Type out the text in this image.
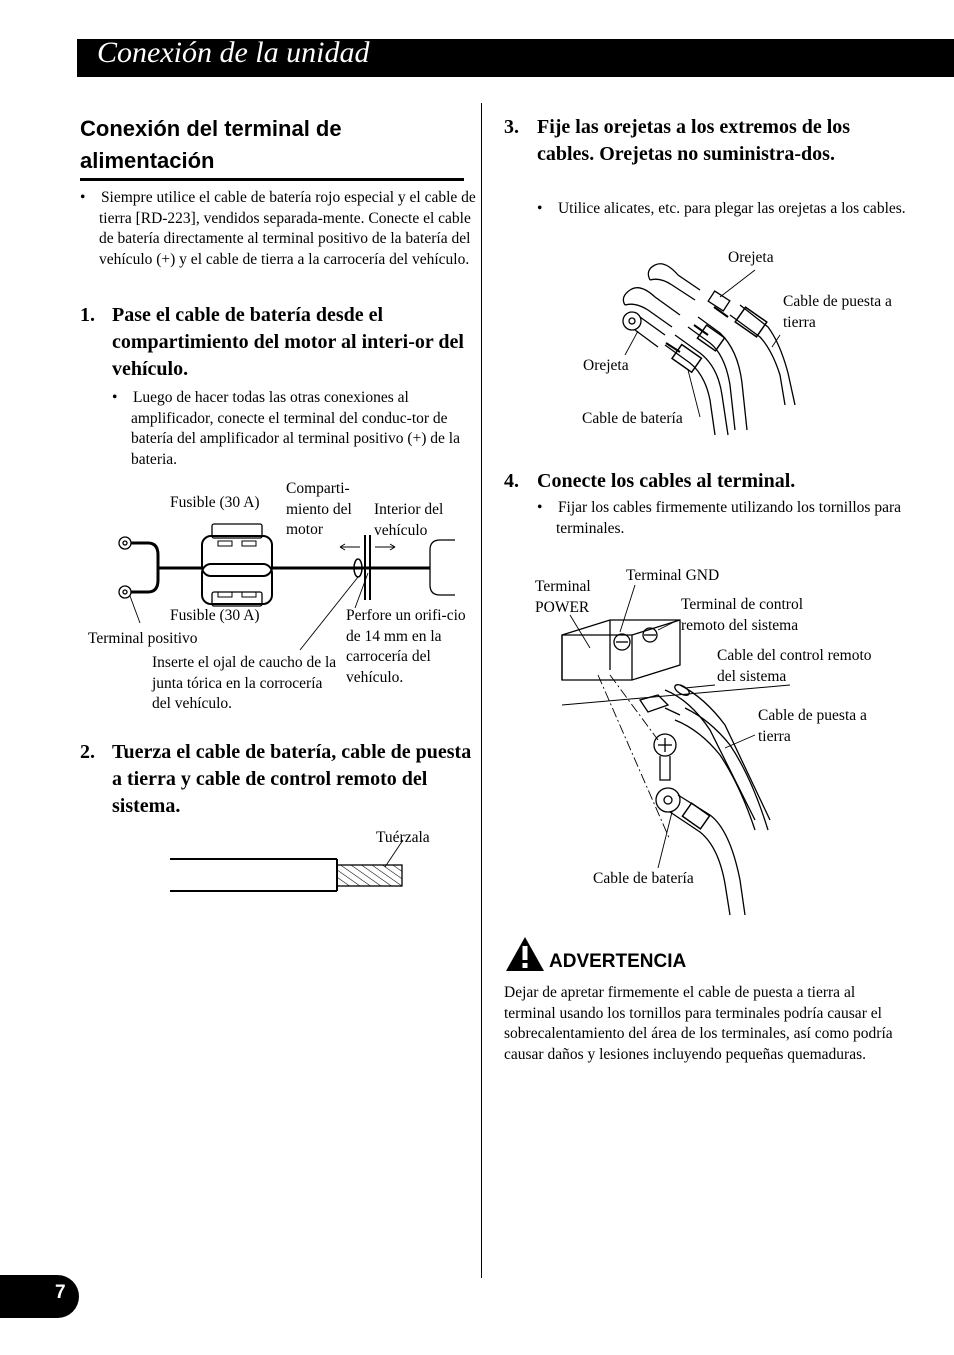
Conexión de la unidad
Conexión del terminal de alimentación
•    Siempre utilice el cable de batería rojo especial y el cable de tierra [RD-223], vendidos separada-mente. Conecte el cable de batería directamente al terminal positivo de la batería del vehículo (+) y el cable de tierra a la carrocería del vehículo.
1. Pase el cable de batería desde el compartimiento del motor al interi-or del vehículo.
•    Luego de hacer todas las otras conexiones al amplificador, conecte el terminal del conduc-tor de batería del amplificador al terminal positivo (+) de la bateria.
Fusible (30 A)
Comparti-miento del motor
Interior del vehículo
Fusible (30 A)
Terminal positivo
Perfore un orifi-cio de 14 mm en la carrocería del vehículo.
Inserte el ojal de caucho de la junta tórica en la corrocería del vehículo.
2. Tuerza el cable de batería, cable de puesta a tierra y cable de control remoto del sistema.
Tuérzala
3. Fije las orejetas a los extremos de los cables. Orejetas no suministra-dos.
•    Utilice alicates, etc. para plegar las orejetas a los cables.
Orejeta
Cable de puesta a tierra
Orejeta
Cable de batería
4. Conecte los cables al terminal.
•    Fijar los cables firmemente utilizando los tornillos para terminales.
Terminal POWER
Terminal GND
Terminal de control remoto del sistema
Cable del control remoto del sistema
Cable de puesta a tierra
Cable de batería
ADVERTENCIA
Dejar de apretar firmemente el cable de puesta a tierra al terminal usando los tornillos para terminales podría causar el sobrecalentamiento del área de los terminales, así como podría causar daños y lesiones incluyendo pequeñas quemaduras.
7
